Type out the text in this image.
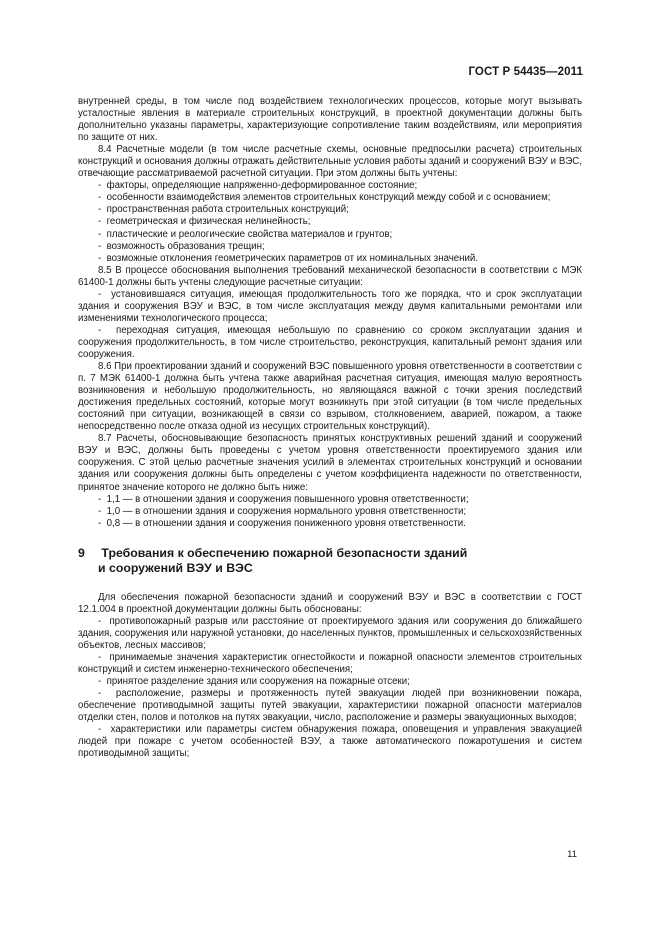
ГОСТ Р 54435—2011

внутренней среды, в том числе под воздействием технологических процессов, которые могут вызывать усталостные явления в материале строительных конструкций, в проектной документации должны быть дополнительно указаны параметры, характеризующие сопротивление таким воздействиям, или мероприятия по защите от них.

8.4 Расчетные модели (в том числе расчетные схемы, основные предпосылки расчета) строительных конструкций и основания должны отражать действительные условия работы зданий и сооружений ВЭУ и ВЭС, отвечающие рассматриваемой расчетной ситуации. При этом должны быть учтены:

-  факторы, определяющие напряженно-деформированное состояние;

-  особенности взаимодействия элементов строительных конструкций между собой и с основанием;

-  пространственная работа строительных конструкций;

-  геометрическая и физическая нелинейность;

-  пластические и реологические свойства материалов и грунтов;

-  возможность образования трещин;

-  возможные отклонения геометрических параметров от их номинальных значений.

8.5 В процессе обоснования выполнения требований механической безопасности в соответствии с МЭК 61400-1 должны быть учтены следующие расчетные ситуации:

-  установившаяся ситуация, имеющая продолжительность того же порядка, что и срок эксплуатации здания и сооружения ВЭУ и ВЭС, в том числе эксплуатация между двумя капитальными ремонтами или изменениями технологического процесса;

-  переходная ситуация, имеющая небольшую по сравнению со сроком эксплуатации здания и сооружения продолжительность, в том числе строительство, реконструкция, капитальный ремонт здания или сооружения.

8.6 При проектировании зданий и сооружений ВЭС повышенного уровня ответственности в соответствии с п. 7 МЭК 61400-1 должна быть учтена также аварийная расчетная ситуация, имеющая малую вероятность возникновения и небольшую продолжительность, но являющаяся важной с точки зрения последствий достижения предельных состояний, которые могут возникнуть при этой ситуации (в том числе предельных состояний при ситуации, возникающей в связи со взрывом, столкновением, аварией, пожаром, а также непосредственно после отказа одной из несущих строительных конструкций).

8.7 Расчеты, обосновывающие безопасность принятых конструктивных решений зданий и сооружений ВЭУ и ВЭС, должны быть проведены с учетом уровня ответственности проектируемого здания или сооружения. С этой целью расчетные значения усилий в элементах строительных конструкций и основании здания или сооружения должны быть определены с учетом коэффициента надежности по ответственности, принятое значение которого не должно быть ниже:

-  1,1 — в отношении здания и сооружения повышенного уровня ответственности;

-  1,0 — в отношении здания и сооружения нормального уровня ответственности;

-  0,8 — в отношении здания и сооружения пониженного уровня ответственности.

9 Требования к обеспечению пожарной безопасности зданий
и сооружений ВЭУ и ВЭС

Для обеспечения пожарной безопасности зданий и сооружений ВЭУ и ВЭС в соответствии с ГОСТ 12.1.004 в проектной документации должны быть обоснованы:

-  противопожарный разрыв или расстояние от проектируемого здания или сооружения до ближайшего здания, сооружения или наружной установки, до населенных пунктов, промышленных и сельскохозяйственных объектов, лесных массивов;

-  принимаемые значения характеристик огнестойкости и пожарной опасности элементов строительных конструкций и систем инженерно-технического обеспечения;

-  принятое разделение здания или сооружения на пожарные отсеки;

-  расположение, размеры и протяженность путей эвакуации людей при возникновении пожара, обеспечение противодымной защиты путей эвакуации, характеристики пожарной опасности материалов отделки стен, полов и потолков на путях эвакуации, число, расположение и размеры эвакуационных выходов;

-  характеристики или параметры систем обнаружения пожара, оповещения и управления эвакуацией людей при пожаре с учетом особенностей ВЭУ, а также автоматического пожаротушения и систем противодымной защиты;

11
